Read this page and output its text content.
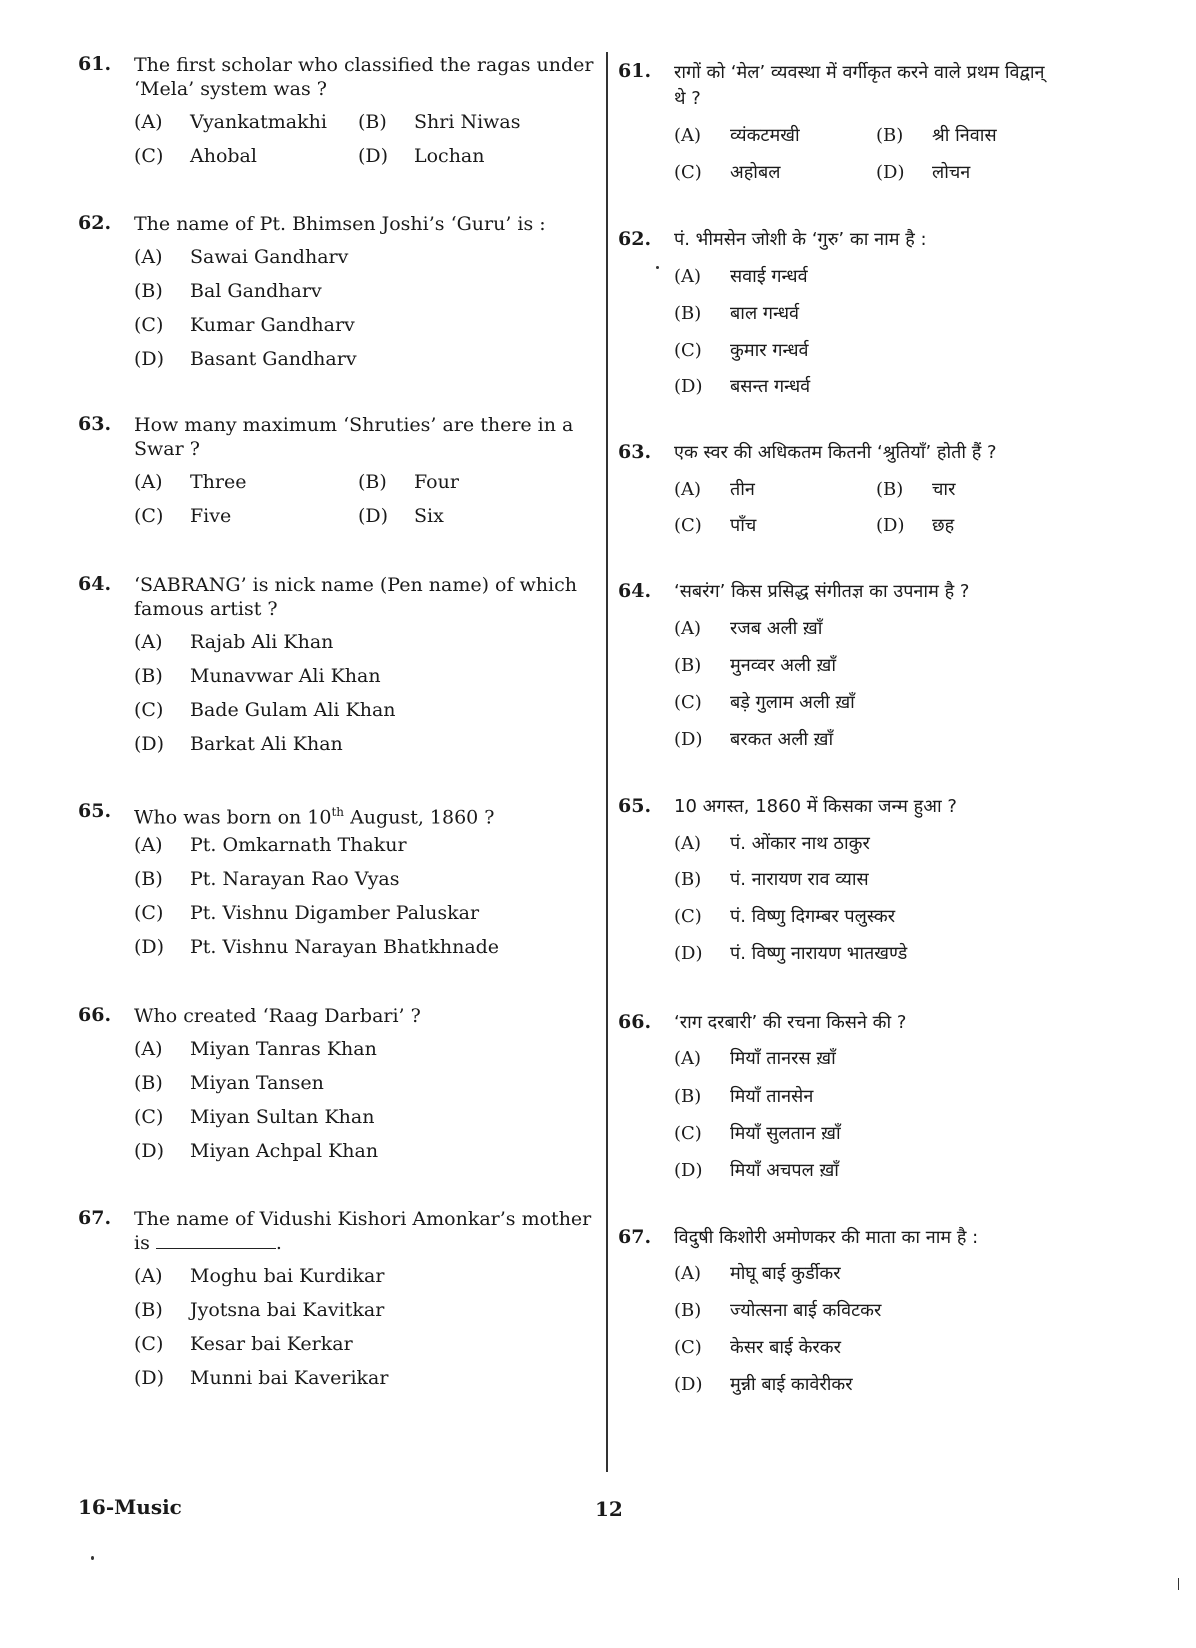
61. The first scholar who classified the ragas under ‘Mela’ system was ?
(A) Vyankatmakhi (B) Shri Niwas
(C) Ahobal	(D) Lochan
62. The name of Pt. Bhimsen Joshi’s ‘Guru’ is :
(A) Sawai Gandharv
(B) Bal Gandharv
(C) Kumar Gandharv
(D) Basant Gandharv
63. How many maximum ‘Shruties’ are there in a Swar ?
(A) Three	(B) Four
(C) Five	(D) Six
64. ‘SABRANG’ is nick name (Pen name) of which famous artist ?
(A) Rajab Ali Khan
(B) Munavwar Ali Khan
(C) Bade Gulam Ali Khan
(D) Barkat Ali Khan
65. Who was born on 10th August, 1860 ?
(A) Pt. Omkarnath Thakur
(B) Pt. Narayan Rao Vyas
(C) Pt. Vishnu Digamber Paluskar
(D) Pt. Vishnu Narayan Bhatkhnade
66. Who created ‘Raag Darbari’ ?
(A) Miyan Tanras Khan
(B) Miyan Tansen
(C) Miyan Sultan Khan
(D) Miyan Achpal Khan
67. The name of Vidushi Kishori Amonkar’s mother
is	.
(A) Moghu bai Kurdikar
(B) Jyotsna bai Kavitkar
(C) Kesar bai Kerkar
(D) Munni bai Kaverikar
61. रागों को ‘मेल’ व्यवस्था में वर्गीकृत करने वाले प्रथम विद्वान्
थे ?
(A) व्यंकटमखी	(B) श्री निवास
(C) अहोबल	(D) लोचन
62. पं. भीमसेन जोशी के ‘गुरु’ का नाम है :
(A) सवाई गन्धर्व
(B) बाल गन्धर्व
(C) कुमार गन्धर्व
(D) बसन्त गन्धर्व
63. एक स्वर की अधिकतम कितनी ‘श्रुतियाँ’ होती हैं ?
(A) तीन	(B) चार
(C) पाँच	(D) छह
64. ‘सबरंग’ किस प्रसिद्ध संगीतज्ञ का उपनाम है ?
(A) रजब अली ख़ाँ
(B) मुनव्वर अली ख़ाँ
(C) बड़े गुलाम अली ख़ाँ
(D) बरकत अली ख़ाँ
65. 10 अगस्त, 1860 में किसका जन्म हुआ ?
(A) पं. ओंकार नाथ ठाकुर
(B) पं. नारायण राव व्यास
(C) पं. विष्णु दिगम्बर पलुस्कर
(D) पं. विष्णु नारायण भातखण्डे
66. ‘राग दरबारी’ की रचना किसने की ?
(A) मियाँ तानरस ख़ाँ
(B) मियाँ तानसेन
(C) मियाँ सुलतान ख़ाँ
(D) मियाँ अचपल ख़ाँ
67. विदुषी किशोरी अमोणकर की माता का नाम है :
(A) मोघू बाई कुर्डीकर
(B) ज्योत्सना बाई कविटकर
(C) केसर बाई केरकर
(D) मुन्नी बाई कावेरीकर
16-Music	12
